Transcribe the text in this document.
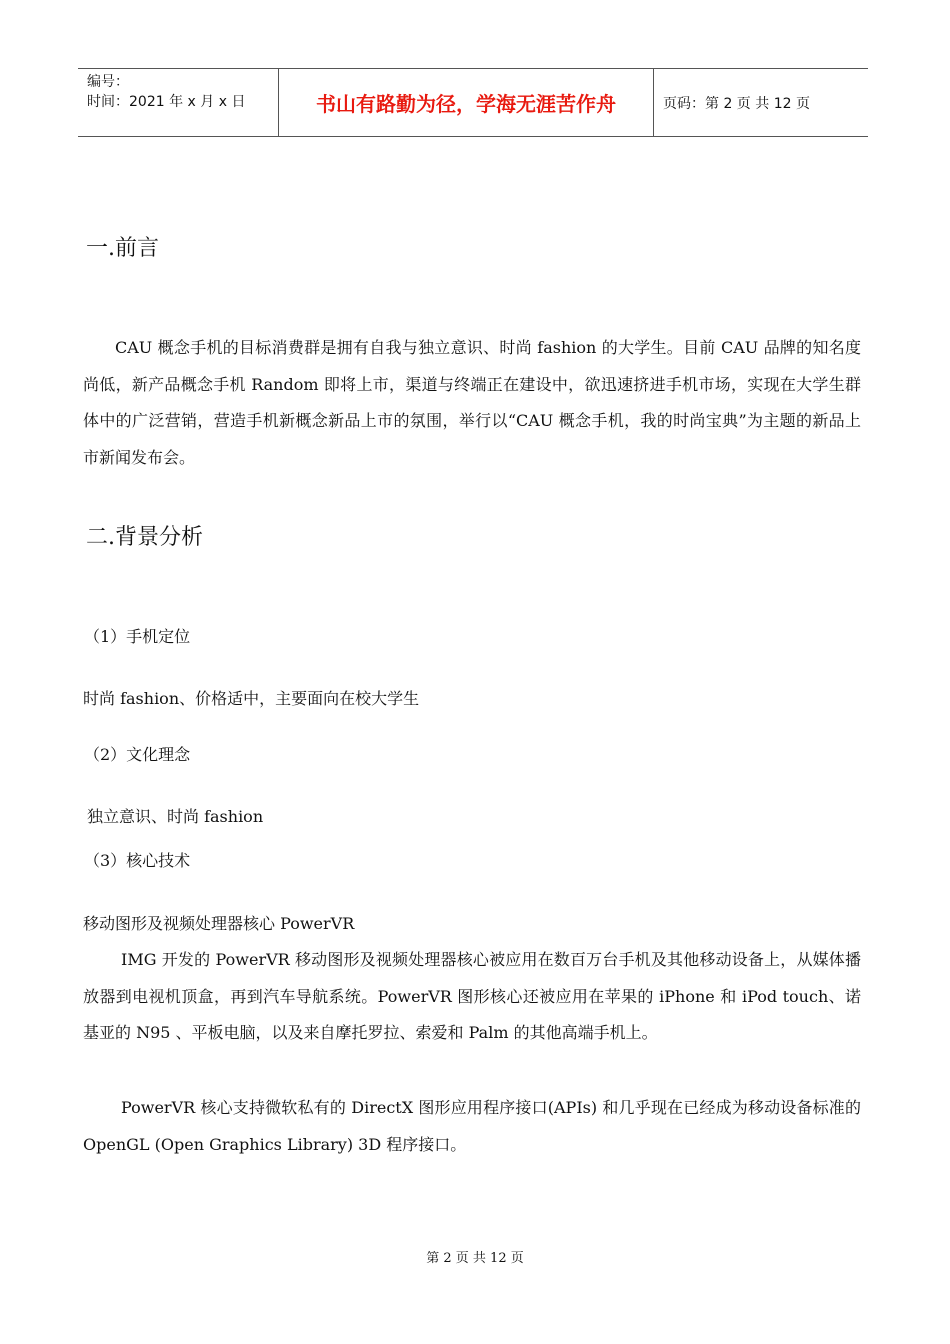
编号：
时间：2021 年 x 月 x 日	书山有路勤为径，学海无涯苦作舟	页码：第 2 页 共 12 页
一.前言
CAU 概念手机的目标消费群是拥有自我与独立意识、时尚 fashion 的大学生。目前 CAU 品牌的知名度尚低，新产品概念手机 Random 即将上市，渠道与终端正在建设中，欲迅速挤进手机市场，实现在大学生群体中的广泛营销，营造手机新概念新品上市的氛围，举行以“CAU 概念手机，我的时尚宝典”为主题的新品上市新闻发布会。
二.背景分析
（1）手机定位
时尚 fashion、价格适中，主要面向在校大学生
（2）文化理念
独立意识、时尚 fashion
（3）核心技术
移动图形及视频处理器核心 PowerVR
IMG 开发的 PowerVR 移动图形及视频处理器核心被应用在数百万台手机及其他移动设备上，从媒体播放器到电视机顶盒，再到汽车导航系统。PowerVR 图形核心还被应用在苹果的 iPhone 和 iPod touch、诺基亚的 N95 、平板电脑，以及来自摩托罗拉、索爱和 Palm 的其他高端手机上。
PowerVR 核心支持微软私有的 DirectX 图形应用程序接口(APIs) 和几乎现在已经成为移动设备标准的 OpenGL (Open Graphics Library) 3D 程序接口。
第 2 页 共 12 页
